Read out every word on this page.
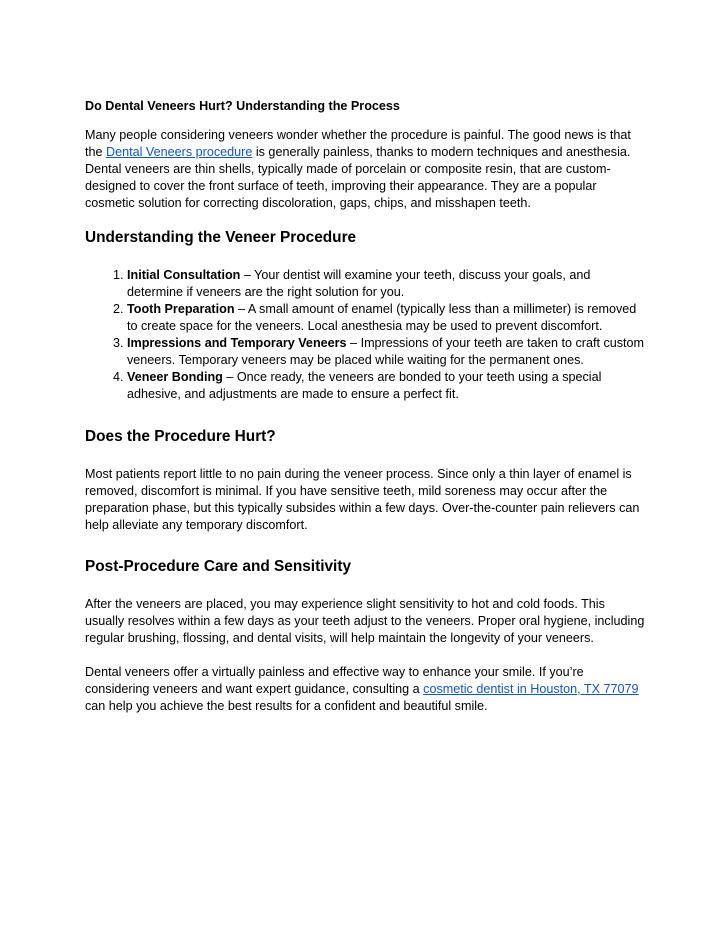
Do Dental Veneers Hurt? Understanding the Process

Many people considering veneers wonder whether the procedure is painful. The good news is that the Dental Veneers procedure is generally painless, thanks to modern techniques and anesthesia. Dental veneers are thin shells, typically made of porcelain or composite resin, that are custom-designed to cover the front surface of teeth, improving their appearance. They are a popular cosmetic solution for correcting discoloration, gaps, chips, and misshapen teeth.

Understanding the Veneer Procedure
1. Initial Consultation – Your dentist will examine your teeth, discuss your goals, and determine if veneers are the right solution for you.
2. Tooth Preparation – A small amount of enamel (typically less than a millimeter) is removed to create space for the veneers. Local anesthesia may be used to prevent discomfort.
3. Impressions and Temporary Veneers – Impressions of your teeth are taken to craft custom veneers. Temporary veneers may be placed while waiting for the permanent ones.
4. Veneer Bonding – Once ready, the veneers are bonded to your teeth using a special adhesive, and adjustments are made to ensure a perfect fit.
Does the Procedure Hurt?

Most patients report little to no pain during the veneer process. Since only a thin layer of enamel is removed, discomfort is minimal. If you have sensitive teeth, mild soreness may occur after the preparation phase, but this typically subsides within a few days. Over-the-counter pain relievers can help alleviate any temporary discomfort.

Post-Procedure Care and Sensitivity

After the veneers are placed, you may experience slight sensitivity to hot and cold foods. This usually resolves within a few days as your teeth adjust to the veneers. Proper oral hygiene, including regular brushing, flossing, and dental visits, will help maintain the longevity of your veneers.

Dental veneers offer a virtually painless and effective way to enhance your smile. If you’re considering veneers and want expert guidance, consulting a cosmetic dentist in Houston, TX 77079 can help you achieve the best results for a confident and beautiful smile.
